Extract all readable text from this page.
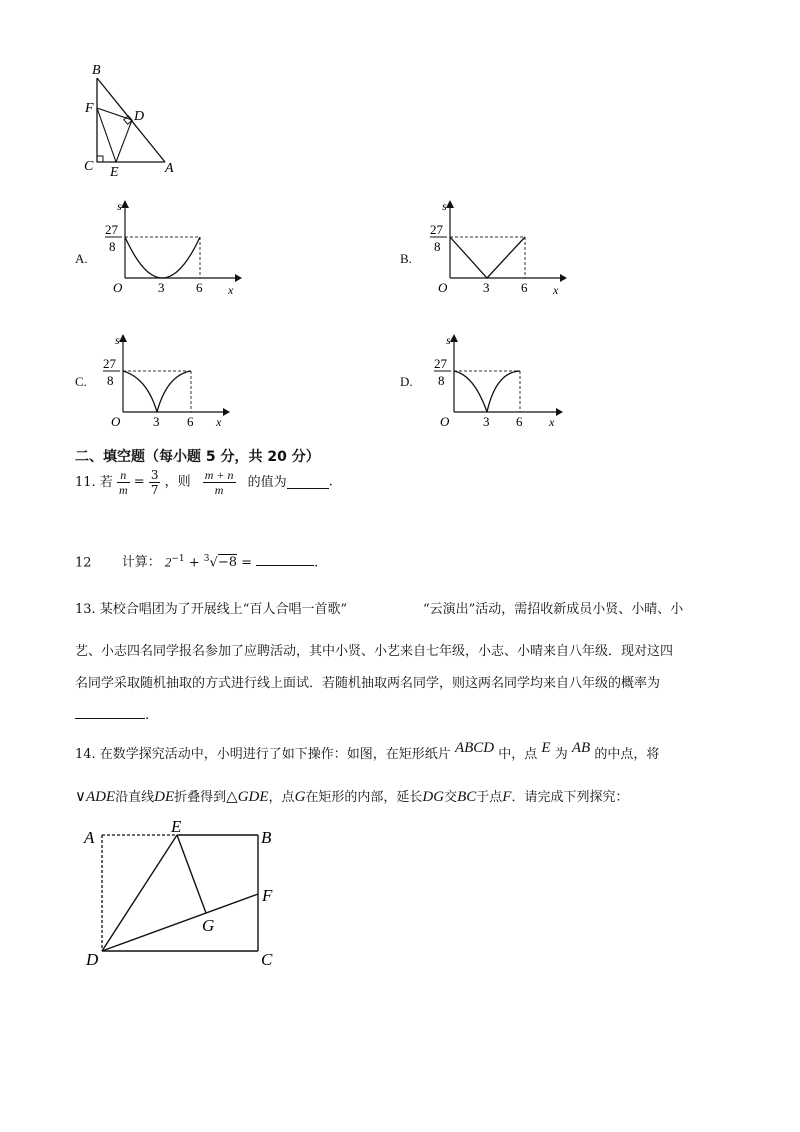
B
F
D
C E	A
A.	B.
C.	D.
s
27
8
O	3 6 x
s
27
8
O	3 6 x
s
27
8
O	3 6 x
s
27
8
O	3 6 x
二、填空题（每小题 5 分，共 20 分）
11. 若 $\frac{n}{m} = \frac{3}{7}$ ，则 $\frac{m + n}{m}$ 的值为	.
12 计算： $2^{-1} + ^3√-8$ =	.
13. 某校合唱团为了开展线上“百人合唱一首歌”	“云演出”活动，需招收新成员小贤、小晴、小
艺、小志四名同学报名参加了应聘活动，其中小贤、小艺来自七年级，小志、小晴来自八年级．现对这四
名同学采取随机抽取的方式进行线上面试．若随机抽取两名同学，则这两名同学均来自八年级的概率为
.
14. 在数学探究活动中，小明进行了如下操作：如图，在矩形纸片 ABCD 中，点 E 为 AB 的中点，将
∨ADE沿直线DE折叠得到△GDE，点G在矩形的内部，延长DG交BC于点F．请完成下列探究：
A
E
B
F
G
D	C
